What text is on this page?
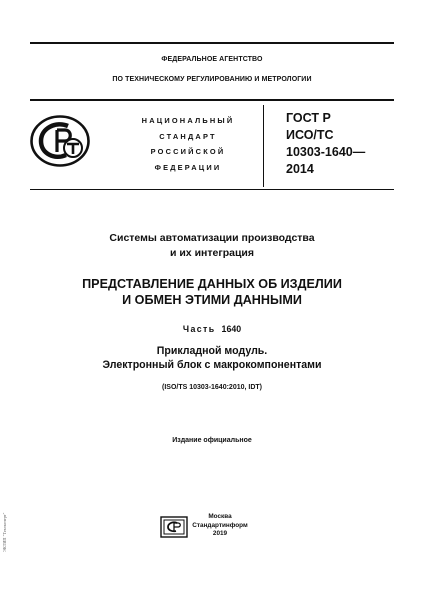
ФЕДЕРАЛЬНОЕ АГЕНТСТВО
ПО ТЕХНИЧЕСКОМУ РЕГУЛИРОВАНИЮ И МЕТРОЛОГИИ
НАЦИОНАЛЬНЫЙ
СТАНДАРТ
РОССИЙСКОЙ
ФЕДЕРАЦИИ
ГОСТ Р
ИСО/ТС
10303-1640—
2014
Системы автоматизации производства
и их интеграция
ПРЕДСТАВЛЕНИЕ ДАННЫХ ОБ ИЗДЕЛИИ
И ОБМЕН ЭТИМИ ДАННЫМИ
Часть 1640
Прикладной модуль.
Электронный блок с макрокомпонентами
(ISO/TS 10303-1640:2010, IDT)
Издание официальное
ЭКТИП "Техэксперт"	Москва
Стандартинформ
2019
